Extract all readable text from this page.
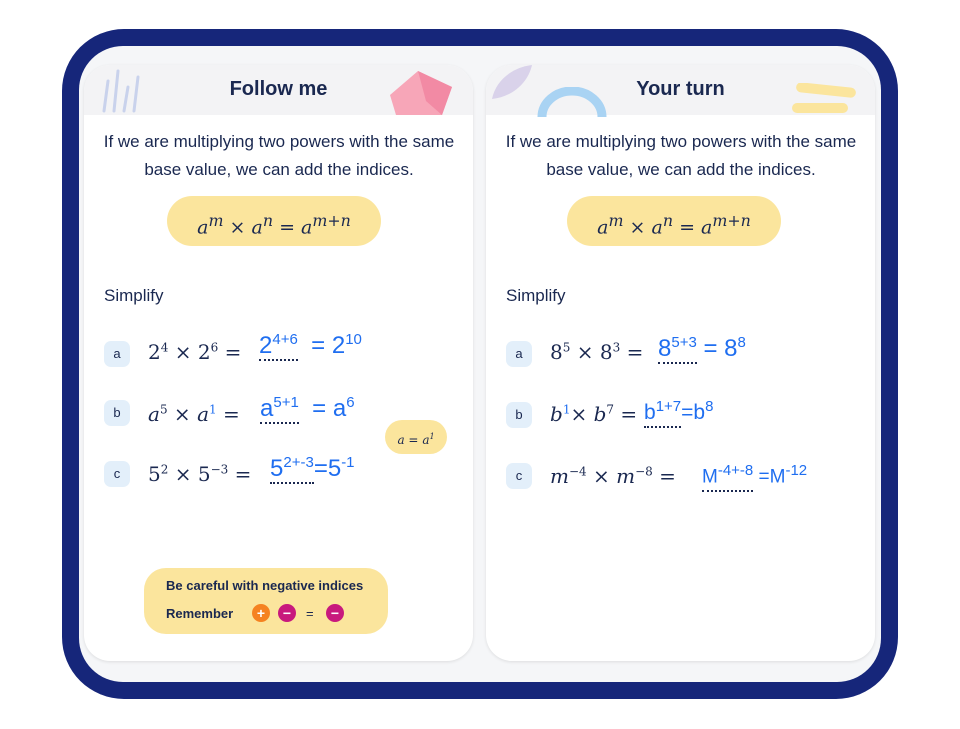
Follow me
If we are multiplying two powers with the same base value, we can add the indices.
$a^m \times a^n = a^{m+n}$
Simplify
a	$2^4 \times 2^6 = 2^{4+6} = 2^{10}$
b	$a^5 \times a^1 = a^{5+1} = a^6$
$a = a^1$
c	$5^2 \times 5^{-3} = 5^{2+-3}=5^{-1}$
Be careful with negative indices
Remember	+	−	=	−
Your turn
If we are multiplying two powers with the same base value, we can add the indices.
$a^m \times a^n = a^{m+n}$
Simplify
a	$8^5 \times 8^3 = 8^{5+3} = 8^8$
b	$b^1\times b^7 = b^{1+7}=b^8$
c	$m^{-4} \times m^{-8} = M^{-4+-8} =M^{-12}$
